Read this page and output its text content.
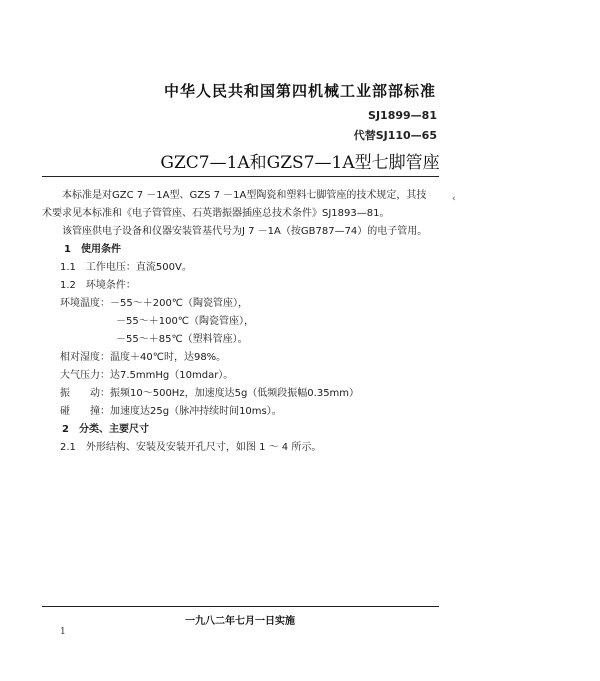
中华人民共和国第四机械工业部部标准
SJ1899—81
代替SJ110—65
GZC7—1A和GZS7—1A型七脚管座
本标准是对GZC 7 －1A型、GZS 7 －1A型陶瓷和塑料七脚管座的技术规定，其技
术要求见本标准和《电子管管座、石英谐振器插座总技术条件》SJ1893—81。
该管座供电子设备和仪器安装管基代号为J 7 －1A（按GB787—74）的电子管用。
1　使用条件
1.1　工作电压：直流500V。
1.2　环境条件：
环境温度：－55～＋200℃（陶瓷管座），
－55～＋100℃（陶瓷管座），
－55～＋85℃（塑料管座）。
相对湿度：温度＋40℃时，达98%。
大气压力：达7.5mmHg（10mdar）。
振　　动：振频10～500Hz，加速度达5g（低频段振幅0.35mm）
碰　　撞：加速度达25g（脉冲持续时间10ms）。
2　分类、主要尺寸
2.1　外形结构、安装及安装开孔尺寸，如图 1 ～ 4 所示。
‹
一九八二年七月一日实施
1
